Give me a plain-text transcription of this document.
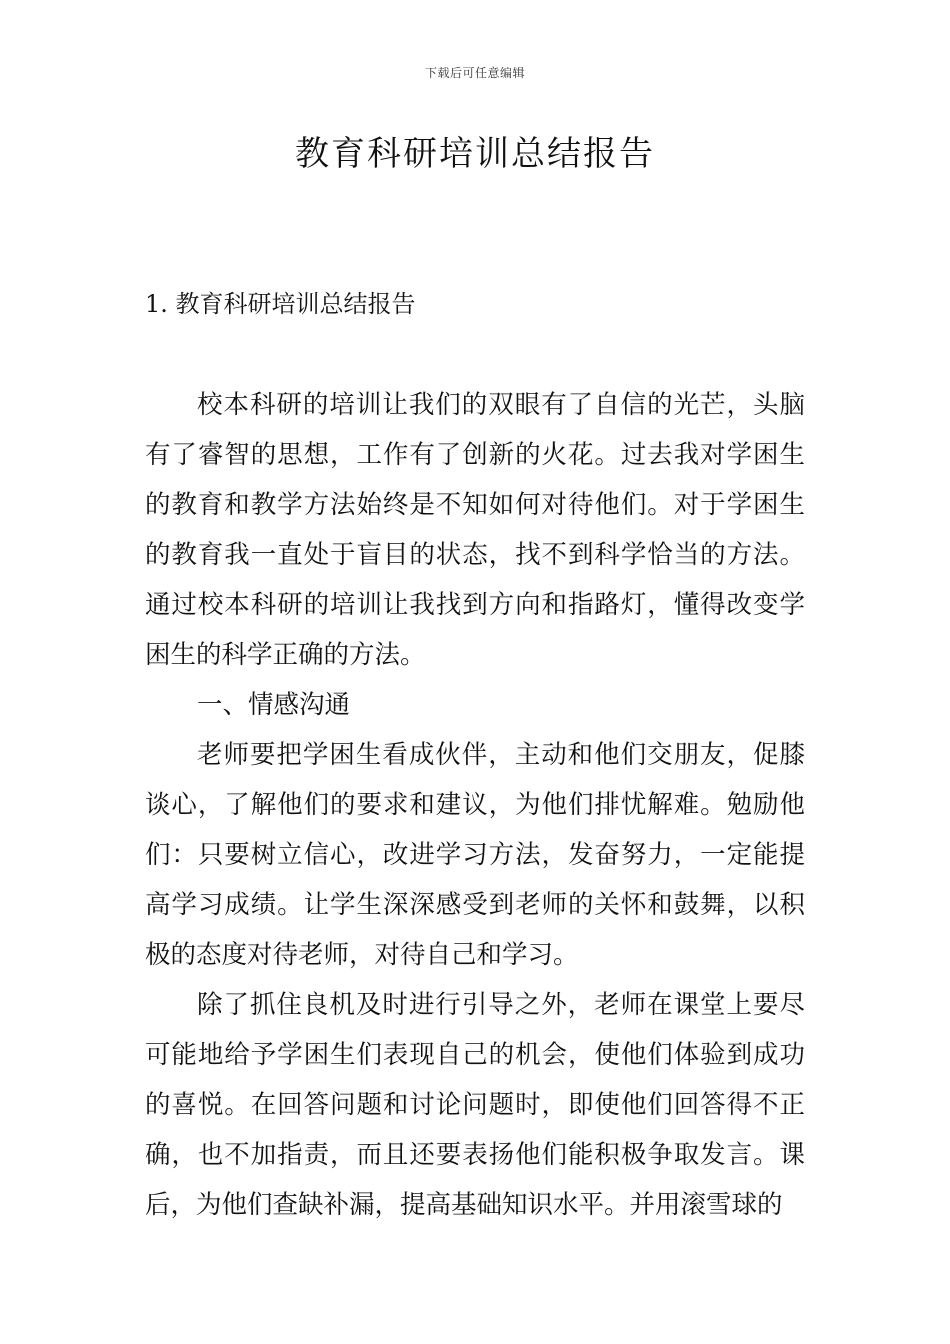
下载后可任意编辑
教育科研培训总结报告
1. 教育科研培训总结报告

校本科研的培训让我们的双眼有了自信的光芒，头脑有了睿智的思想，工作有了创新的火花。过去我对学困生的教育和教学方法始终是不知如何对待他们。对于学困生的教育我一直处于盲目的状态，找不到科学恰当的方法。通过校本科研的培训让我找到方向和指路灯，懂得改变学困生的科学正确的方法。

一、情感沟通

老师要把学困生看成伙伴，主动和他们交朋友，促膝谈心，了解他们的要求和建议，为他们排忧解难。勉励他们：只要树立信心，改进学习方法，发奋努力，一定能提高学习成绩。让学生深深感受到老师的关怀和鼓舞，以积极的态度对待老师，对待自己和学习。

除了抓住良机及时进行引导之外，老师在课堂上要尽可能地给予学困生们表现自己的机会，使他们体验到成功的喜悦。在回答问题和讨论问题时，即使他们回答得不正确，也不加指责，而且还要表扬他们能积极争取发言。课后，为他们查缺补漏，提高基础知识水平。并用滚雪球的
